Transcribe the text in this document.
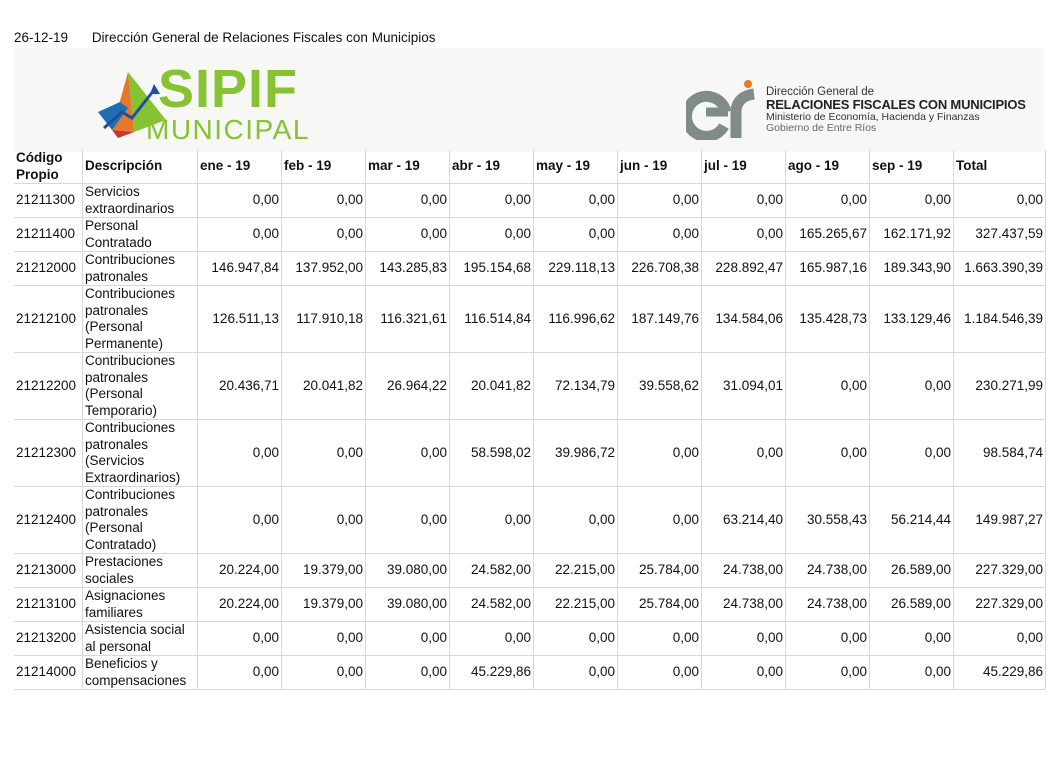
26-12-19 Dirección General de Relaciones Fiscales con Municipios
SIPIF
MUNICIPAL
Dirección General de
RELACIONES FISCALES CON MUNICIPIOS
Ministerio de Economía, Hacienda y Finanzas
Gobierno de Entre Ríos
Código Propio	Descripción	ene - 19	feb - 19	mar - 19	abr - 19	may - 19	jun - 19	jul - 19	ago - 19	sep - 19	Total
21211300	Servicios extraordinarios	0,00	0,00	0,00	0,00	0,00	0,00	0,00	0,00	0,00	0,00
21211400	Personal Contratado	0,00	0,00	0,00	0,00	0,00	0,00	0,00	165.265,67	162.171,92	327.437,59
21212000	Contribuciones patronales	146.947,84	137.952,00	143.285,83	195.154,68	229.118,13	226.708,38	228.892,47	165.987,16	189.343,90	1.663.390,39
21212100	Contribuciones patronales (Personal Permanente)	126.511,13	117.910,18	116.321,61	116.514,84	116.996,62	187.149,76	134.584,06	135.428,73	133.129,46	1.184.546,39
21212200	Contribuciones patronales (Personal Temporario)	20.436,71	20.041,82	26.964,22	20.041,82	72.134,79	39.558,62	31.094,01	0,00	0,00	230.271,99
21212300	Contribuciones patronales (Servicios Extraordinarios)	0,00	0,00	0,00	58.598,02	39.986,72	0,00	0,00	0,00	0,00	98.584,74
21212400	Contribuciones patronales (Personal Contratado)	0,00	0,00	0,00	0,00	0,00	0,00	63.214,40	30.558,43	56.214,44	149.987,27
21213000	Prestaciones sociales	20.224,00	19.379,00	39.080,00	24.582,00	22.215,00	25.784,00	24.738,00	24.738,00	26.589,00	227.329,00
21213100	Asignaciones familiares	20.224,00	19.379,00	39.080,00	24.582,00	22.215,00	25.784,00	24.738,00	24.738,00	26.589,00	227.329,00
21213200	Asistencia social al personal	0,00	0,00	0,00	0,00	0,00	0,00	0,00	0,00	0,00	0,00
21214000	Beneficios y compensaciones	0,00	0,00	0,00	45.229,86	0,00	0,00	0,00	0,00	0,00	45.229,86
